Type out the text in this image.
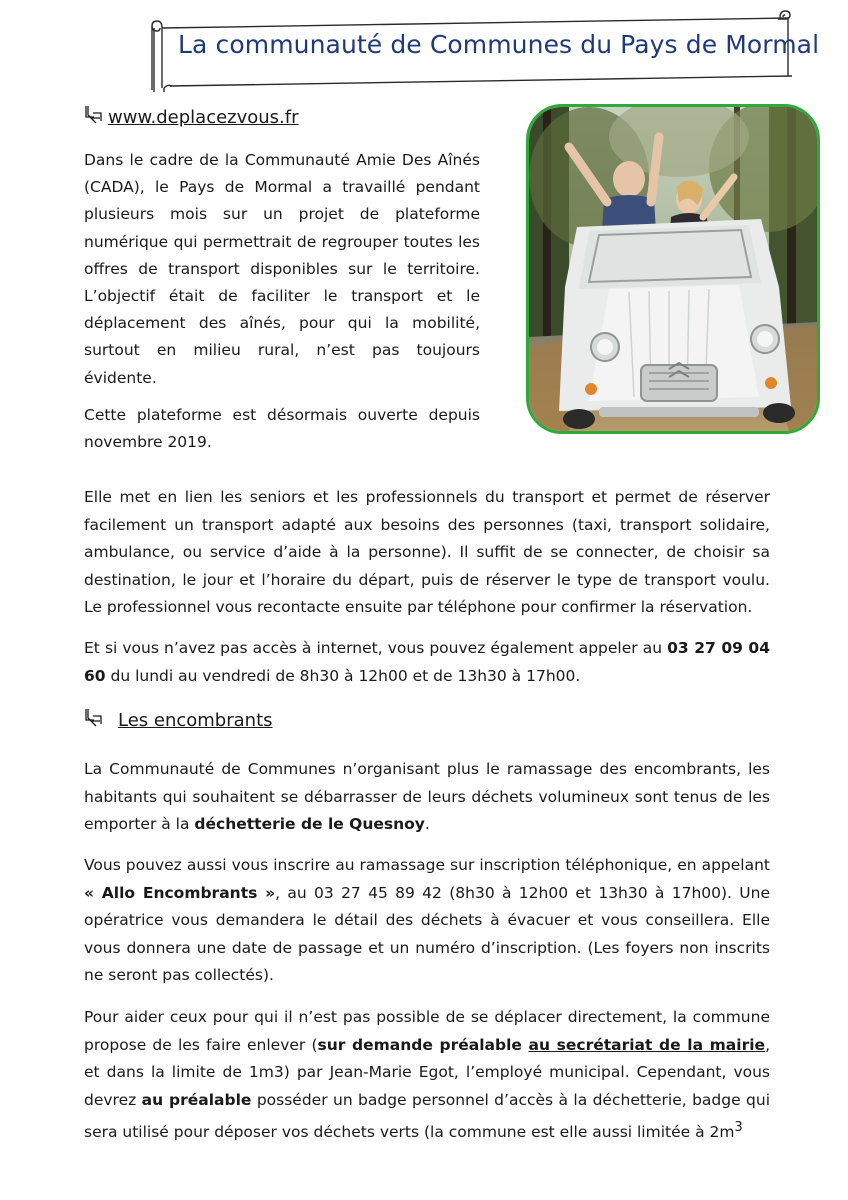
La communauté de Communes du Pays de Mormal
www.deplacezvous.fr

Dans le cadre de la Communauté Amie Des Aînés (CADA), le Pays de Mormal a travaillé pendant plusieurs mois sur un projet de plateforme numérique qui permettrait de regrouper toutes les offres de transport disponibles sur le territoire. L’objectif était de faciliter le transport et le déplacement des aînés, pour qui la mobilité, surtout en milieu rural, n’est pas toujours évidente.

Cette plateforme est désormais ouverte depuis novembre 2019.

Elle met en lien les seniors et les professionnels du transport et permet de réserver facilement un transport adapté aux besoins des personnes (taxi, transport solidaire, ambulance, ou service d’aide à la personne). Il suffit de se connecter, de choisir sa destination, le jour et l’horaire du départ, puis de réserver le type de transport voulu. Le professionnel vous recontacte ensuite par téléphone pour confirmer la réservation.

Et si vous n’avez pas accès à internet, vous pouvez également appeler au 03 27 09 04 60 du lundi au vendredi de 8h30 à 12h00 et de 13h30 à 17h00.

Les encombrants

La Communauté de Communes n’organisant plus le ramassage des encombrants, les habitants qui souhaitent se débarrasser de leurs déchets volumineux sont tenus de les emporter à la déchetterie de le Quesnoy.

Vous pouvez aussi vous inscrire au ramassage sur inscription téléphonique, en appelant « Allo Encombrants », au 03 27 45 89 42 (8h30 à 12h00 et 13h30 à 17h00). Une opératrice vous demandera le détail des déchets à évacuer et vous conseillera. Elle vous donnera une date de passage et un numéro d’inscription. (Les foyers non inscrits ne seront pas collectés).

Pour aider ceux pour qui il n’est pas possible de se déplacer directement, la commune propose de les faire enlever (sur demande préalable au secrétariat de la mairie, et dans la limite de 1m3) par Jean-Marie Egot, l’employé municipal. Cependant, vous devrez au préalable posséder un badge personnel d’accès à la déchetterie, badge qui sera utilisé pour déposer vos déchets verts (la commune est elle aussi limitée à $2m^3$
